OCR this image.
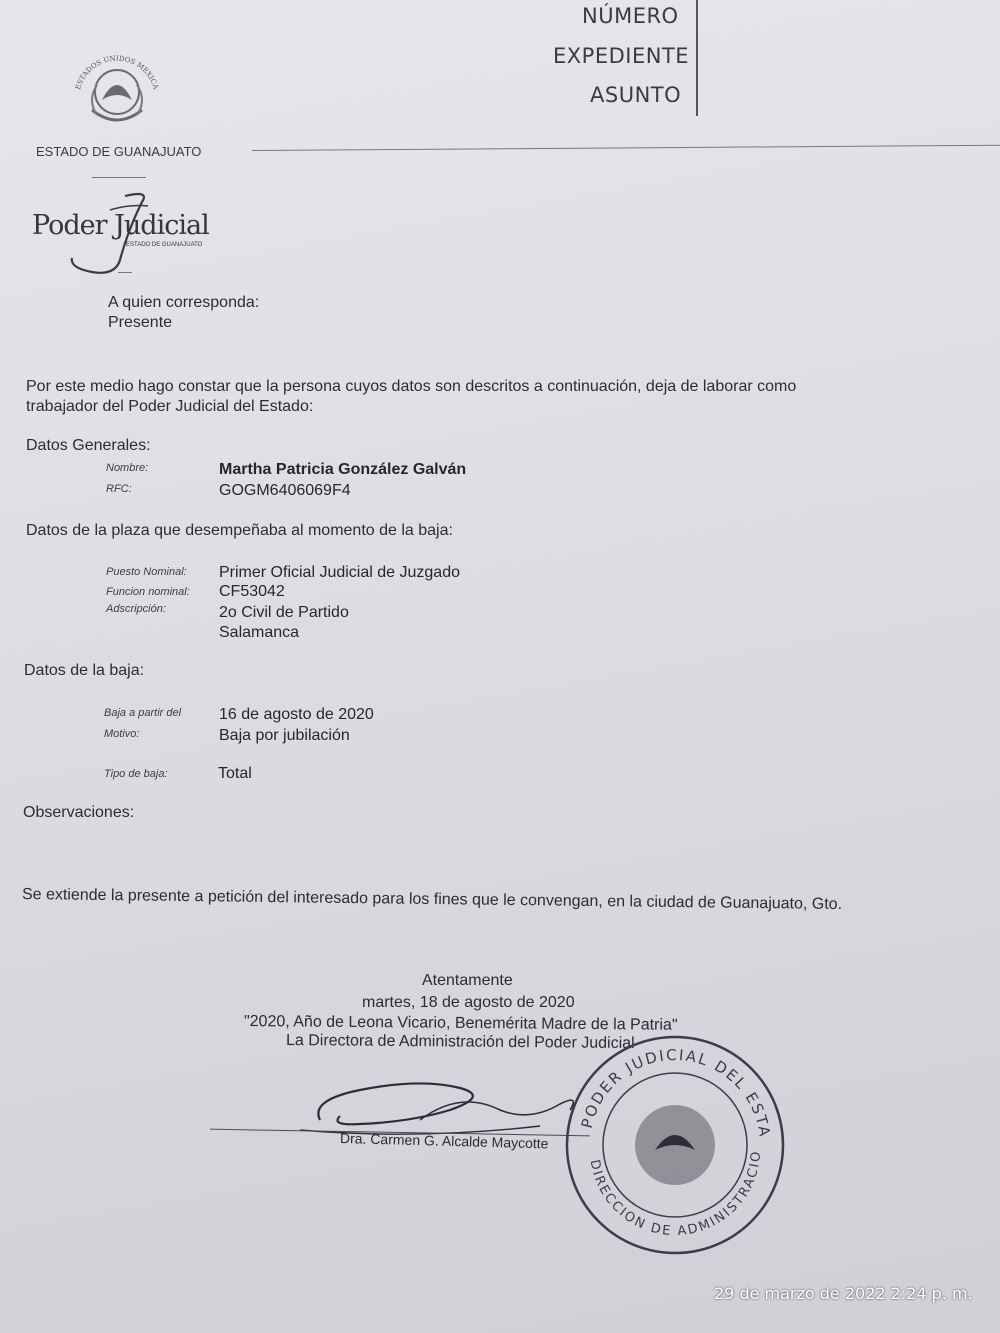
NÚMERO
EXPEDIENTE
ASUNTO
ESTADOS UNIDOS MEXICA
ESTADO DE GUANAJUATO
Poder Judicial
ESTADO DE GUANAJUATO
A quien corresponda:
Presente
Por este medio hago constar que la persona cuyos datos son descritos a continuación, deja de laborar como
trabajador del Poder Judicial del Estado:
Datos Generales:
Nombre:	Martha Patricia González Galván
RFC:	GOGM6406069F4
Datos de la plaza que desempeñaba al momento de la baja:
Puesto Nominal: Primer Oficial Judicial de Juzgado
Funcion nominal: CF53042
Adscripción:	2o Civil de Partido
Salamanca
Datos de la baja:
Baja a partir del 16 de agosto de 2020
Motivo:	Baja por jubilación
Tipo de baja:	Total
Observaciones:
Se extiende la presente a petición del interesado para los fines que le convengan, en la ciudad de Guanajuato, Gto.
Atentamente
martes, 18 de agosto de 2020
"2020, Año de Leona Vicario, Benemérita Madre de la Patria"
La Directora de Administración del Poder Judicial
Dra. Carmen G. Alcalde Maycotte
PODER JUDICIAL DEL ESTA
DIRECCION DE ADMINISTRACIO
29 de marzo de 2022 2:24 p. m.
